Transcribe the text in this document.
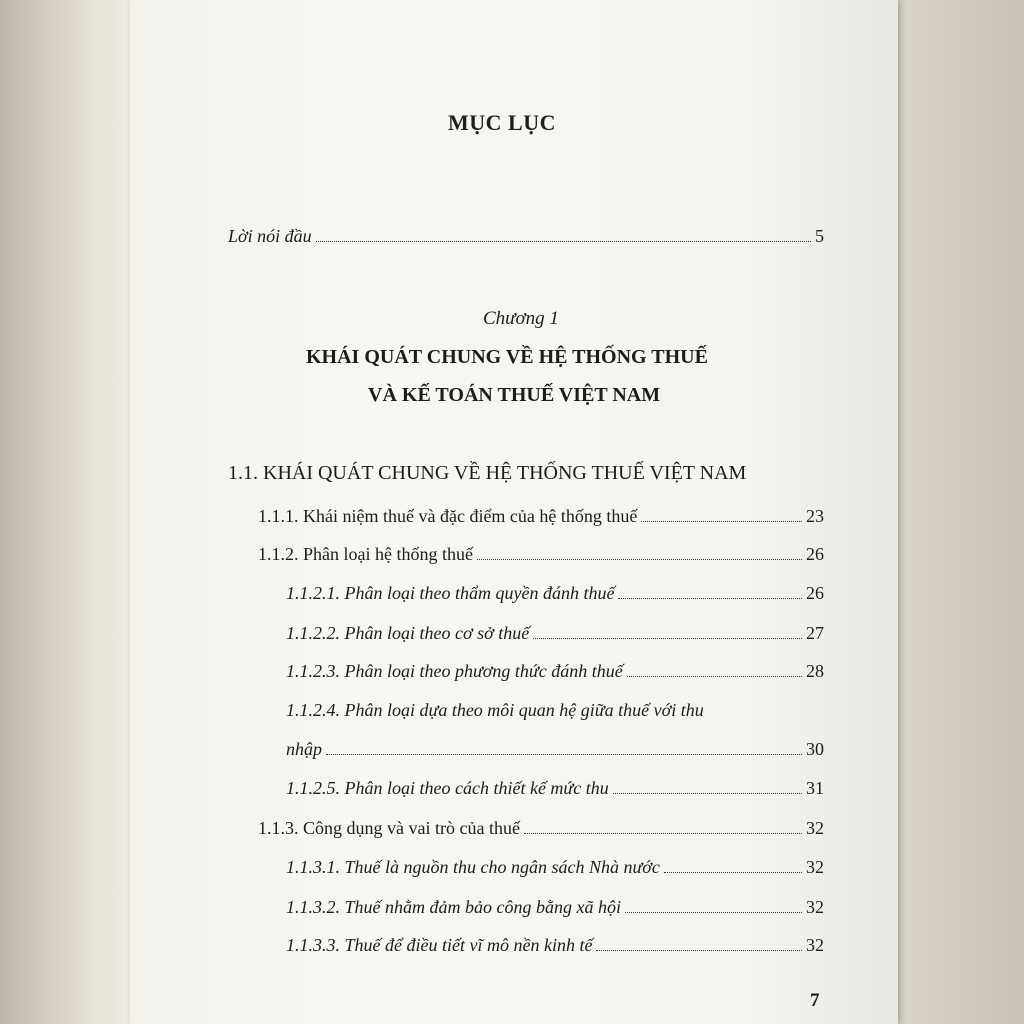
MỤC LỤC
Lời nói đầu	5
Chương 1
KHÁI QUÁT CHUNG VỀ HỆ THỐNG THUẾ
VÀ KẾ TOÁN THUẾ VIỆT NAM
1.1. KHÁI QUÁT CHUNG VỀ HỆ THỐNG THUẾ VIỆT NAM
1.1.1. Khái niệm thuế và đặc điểm của hệ thống thuế	23
1.1.2. Phân loại hệ thống thuế	26
1.1.2.1. Phân loại theo thẩm quyền đánh thuế	26
1.1.2.2. Phân loại theo cơ sở thuế	27
1.1.2.3. Phân loại theo phương thức đánh thuế	28
1.1.2.4. Phân loại dựa theo môi quan hệ giữa thuế với thu
nhập	30
1.1.2.5. Phân loại theo cách thiết kế mức thu	31
1.1.3. Công dụng và vai trò của thuế	32
1.1.3.1. Thuế là nguồn thu cho ngân sách Nhà nước	32
1.1.3.2. Thuế nhằm đảm bảo công bằng xã hội	32
1.1.3.3. Thuế để điều tiết vĩ mô nền kinh tế	32
7
